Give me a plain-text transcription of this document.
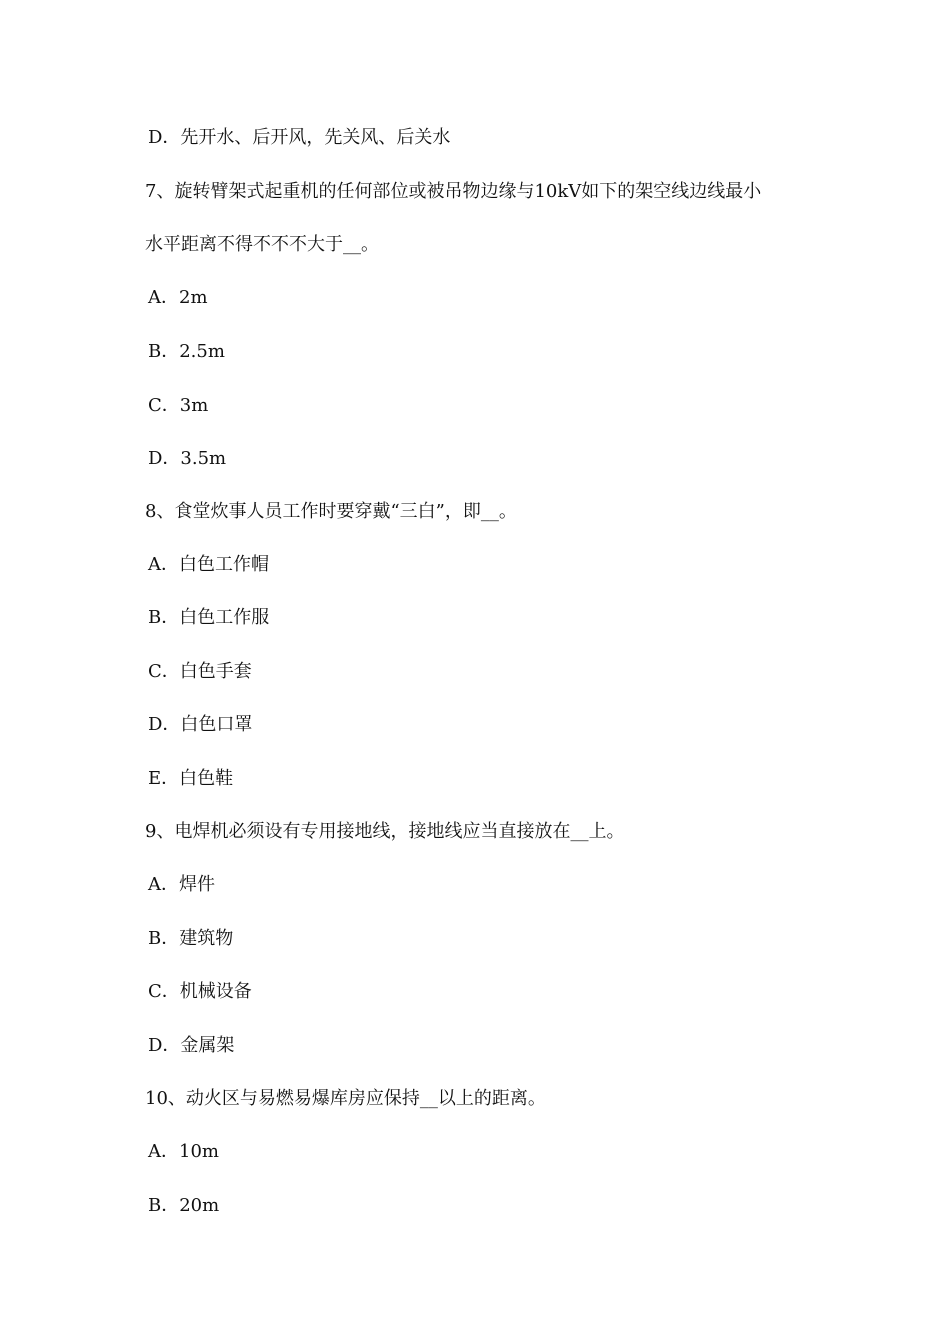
D．先开水、后开风，先关风、后关水
7、旋转臂架式起重机的任何部位或被吊物边缘与10kV如下的架空线边线最小
水平距离不得不不不大于__。
A．2m
B．2.5m
C．3m
D．3.5m
8、食堂炊事人员工作时要穿戴“三白”，即__。
A．白色工作帽
B．白色工作服
C．白色手套
D．白色口罩
E．白色鞋
9、电焊机必须设有专用接地线，接地线应当直接放在__上。
A．焊件
B．建筑物
C．机械设备
D．金属架
10、动火区与易燃易爆库房应保持__以上的距离。
A．10m
B．20m
